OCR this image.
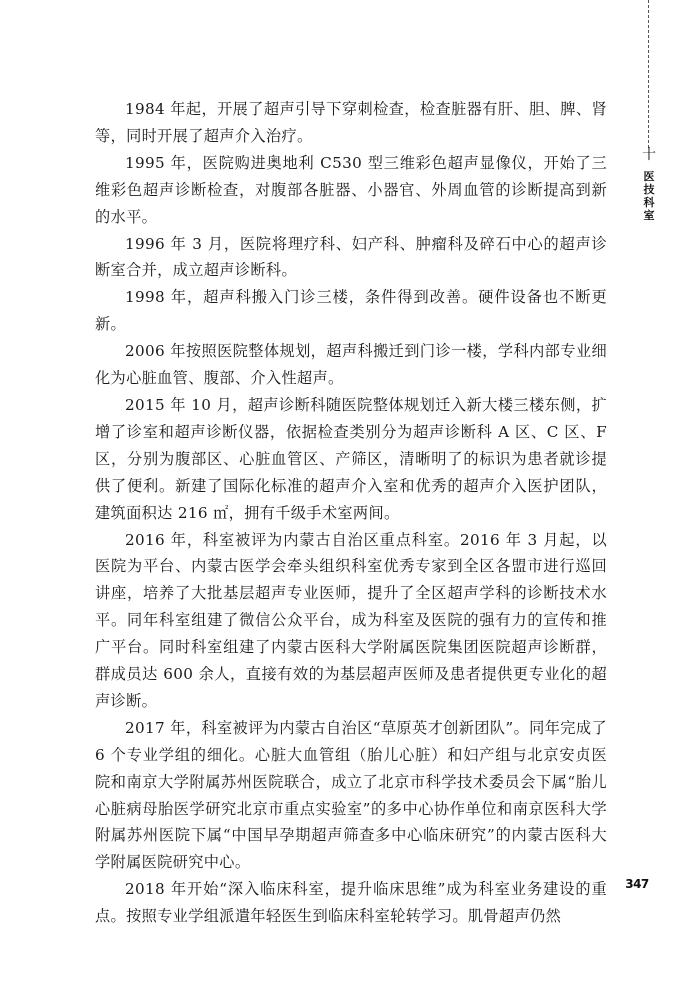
十
医技科室

1984 年起，开展了超声引导下穿刺检查，检查脏器有肝、胆、脾、肾等，同时开展了超声介入治疗。

1995 年，医院购进奥地利 C530 型三维彩色超声显像仪，开始了三维彩色超声诊断检查，对腹部各脏器、小器官、外周血管的诊断提高到新的水平。

1996 年 3 月，医院将理疗科、妇产科、肿瘤科及碎石中心的超声诊断室合并，成立超声诊断科。

1998 年，超声科搬入门诊三楼，条件得到改善。硬件设备也不断更新。

2006 年按照医院整体规划，超声科搬迁到门诊一楼，学科内部专业细化为心脏血管、腹部、介入性超声。

2015 年 10 月，超声诊断科随医院整体规划迁入新大楼三楼东侧，扩增了诊室和超声诊断仪器，依据检查类别分为超声诊断科 A 区、C 区、F 区，分别为腹部区、心脏血管区、产筛区，清晰明了的标识为患者就诊提供了便利。新建了国际化标准的超声介入室和优秀的超声介入医护团队，建筑面积达 216 ㎡，拥有千级手术室两间。

2016 年，科室被评为内蒙古自治区重点科室。2016 年 3 月起，以医院为平台、内蒙古医学会牵头组织科室优秀专家到全区各盟市进行巡回讲座，培养了大批基层超声专业医师，提升了全区超声学科的诊断技术水平。同年科室组建了微信公众平台，成为科室及医院的强有力的宣传和推广平台。同时科室组建了内蒙古医科大学附属医院集团医院超声诊断群，群成员达 600 余人，直接有效的为基层超声医师及患者提供更专业化的超声诊断。

2017 年，科室被评为内蒙古自治区“草原英才创新团队”。同年完成了 6 个专业学组的细化。心脏大血管组（胎儿心脏）和妇产组与北京安贞医院和南京大学附属苏州医院联合，成立了北京市科学技术委员会下属“胎儿心脏病母胎医学研究北京市重点实验室”的多中心协作单位和南京医科大学附属苏州医院下属“中国早孕期超声筛查多中心临床研究”的内蒙古医科大学附属医院研究中心。

2018 年开始“深入临床科室，提升临床思维”成为科室业务建设的重点。按照专业学组派遣年轻医生到临床科室轮转学习。肌骨超声仍然

347
